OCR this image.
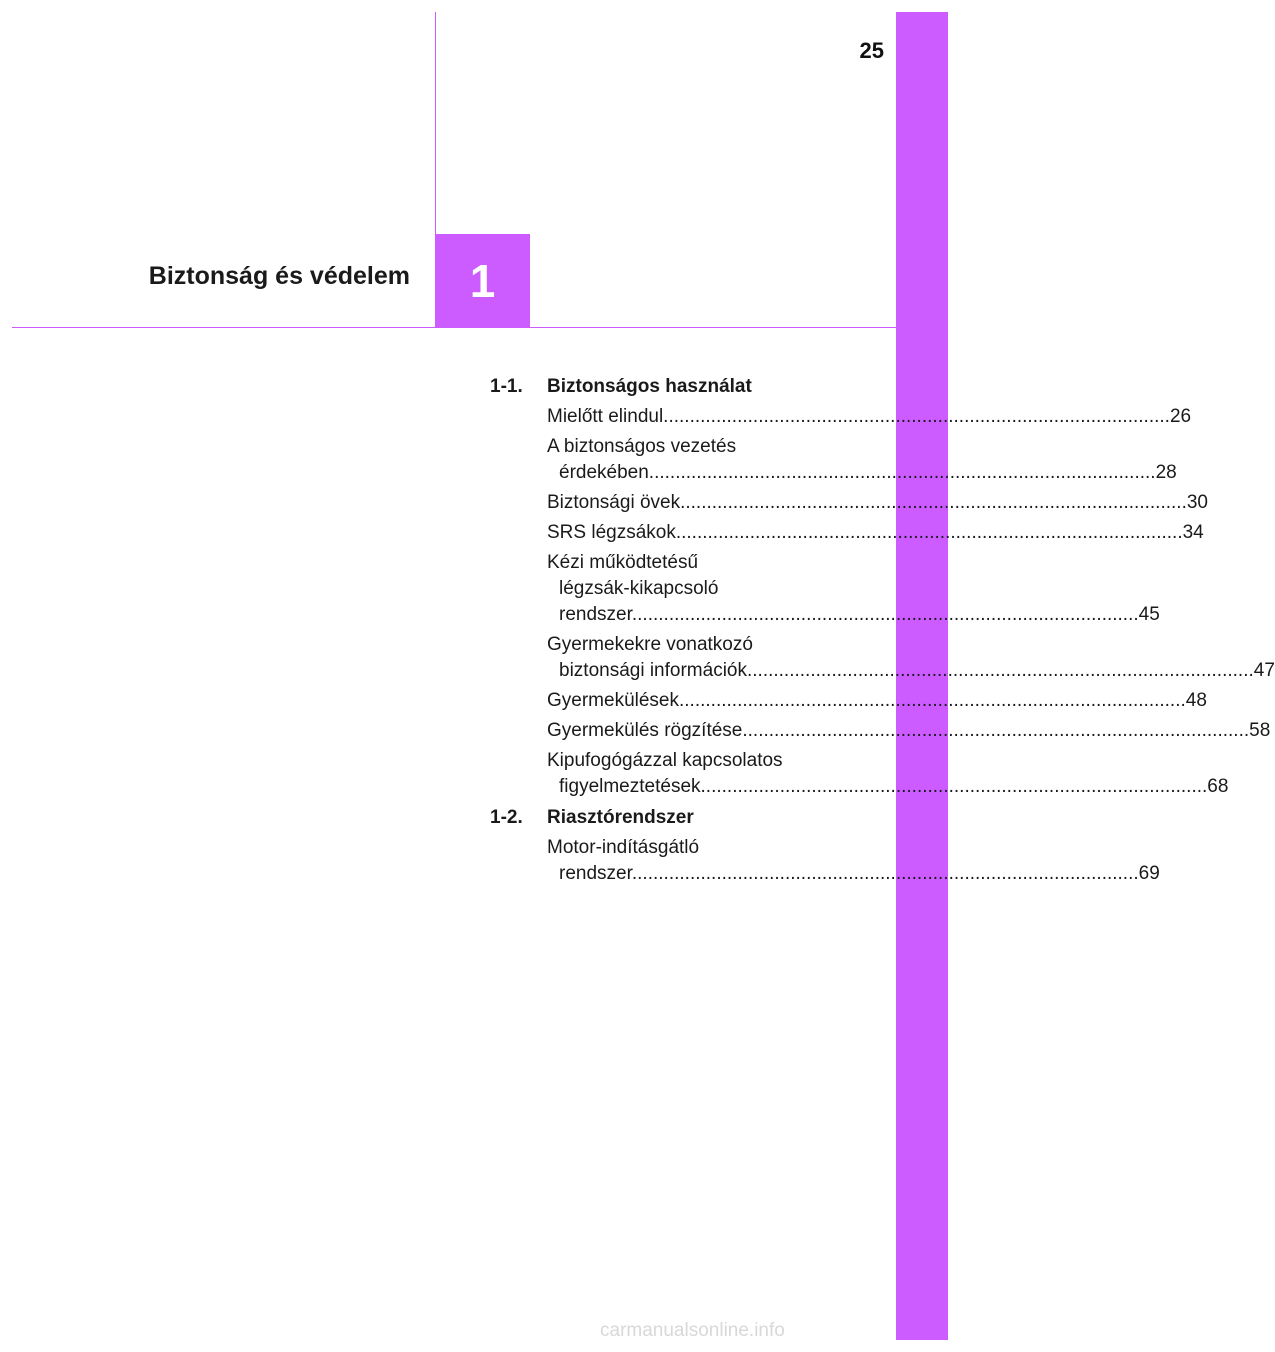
25
Biztonság és védelem 1
1-1.	Biztonságos használat
Mielőtt elindul .....	26
A biztonságos vezetés
érdekében .....	28
Biztonsági övek .....	30
SRS légzsákok .....	34
Kézi működtetésű
légzsák-kikapcsoló
rendszer .....	45
Gyermekekre vonatkozó
biztonsági információk .....	47
Gyermekülések .....	48
Gyermekülés rögzítése .....	58
Kipufogógázzal kapcsolatos
figyelmeztetések .....	68
1-2.	Riasztórendszer
Motor-indításgátló
rendszer .....	69
carmanualsonline.info
